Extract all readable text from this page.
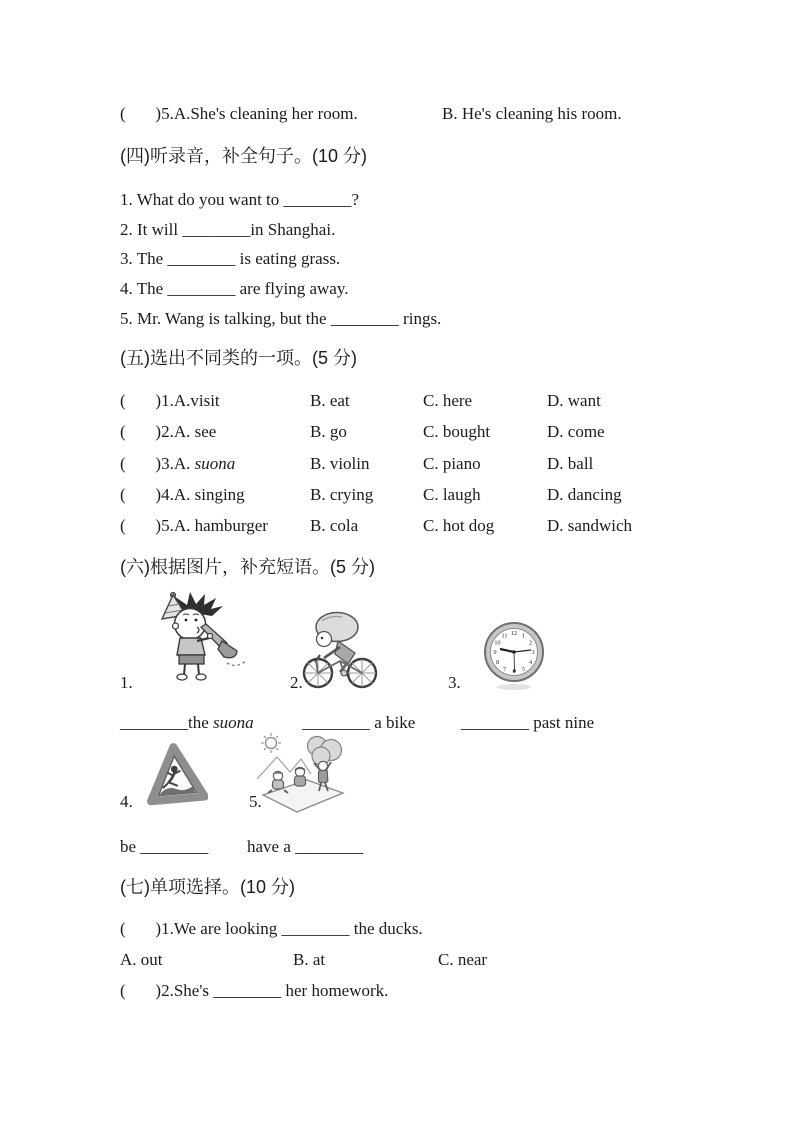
(       )5.A.She's cleaning her room.	B. He's cleaning his room.
(四)听录音，补全句子。(10 分)
1. What do you want to ________?
2. It will ________in Shanghai.
3. The ________ is eating grass.
4. The ________ are flying away.
5. Mr. Wang is talking, but the ________ rings.
(五)选出不同类的一项。(5 分)
(       )1.A.visit	B. eat	C. here	D. want
(       )2.A. see	B. go	C. bought	D. come
(       )3.A. suona	B. violin	C. piano	D. ball
(       )4.A. singing	B. crying	C. laugh	D. dancing
(       )5.A. hamburger B. cola	C. hot dog	D. sandwich
(六)根据图片，补充短语。(5 分)
12 1
2
3
4
5
7
8
9
10
11
1.	2.	3.
________the suona	________ a bike	________ past nine
4.	5.
be ________ have a ________
(七)单项选择。(10 分)
(       )1.We are looking ________ the ducks.
A. out	B. at	C. near
(       )2.She's ________ her homework.
